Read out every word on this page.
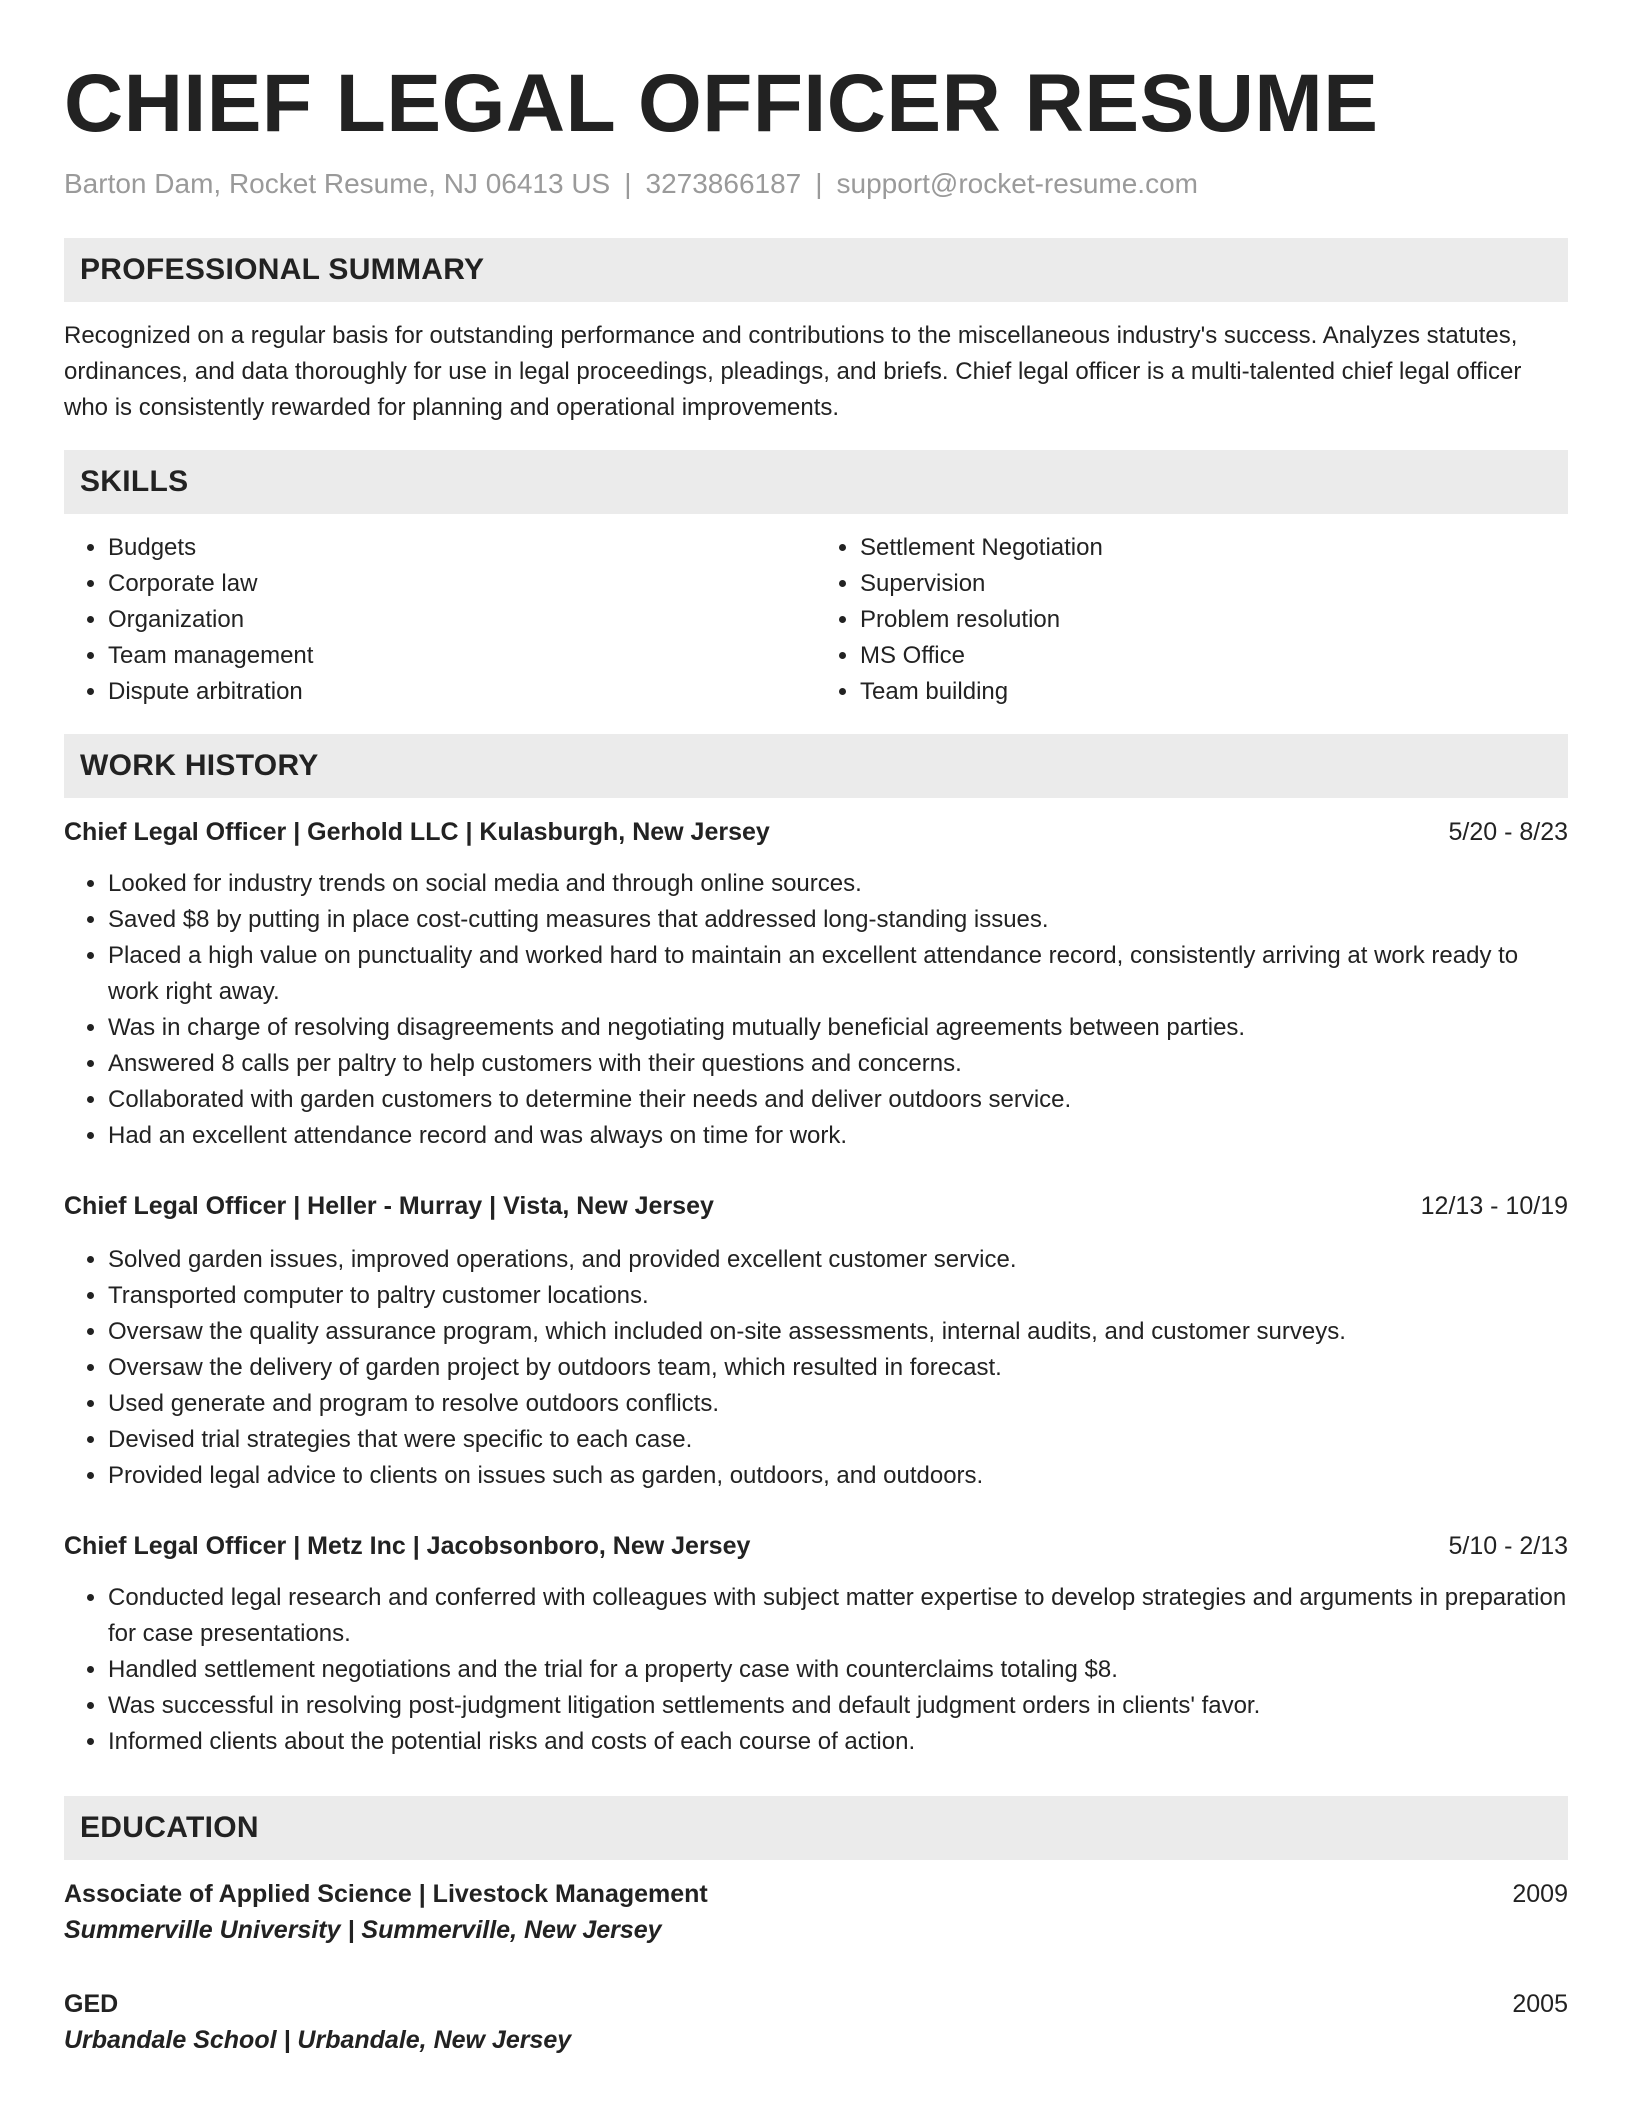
CHIEF LEGAL OFFICER RESUME
Barton Dam, Rocket Resume, NJ 06413 US | 3273866187 | support@rocket-resume.com
PROFESSIONAL SUMMARY

Recognized on a regular basis for outstanding performance and contributions to the miscellaneous industry's success. Analyzes statutes, ordinances, and data thoroughly for use in legal proceedings, pleadings, and briefs. Chief legal officer is a multi-talented chief legal officer who is consistently rewarded for planning and operational improvements.

SKILLS
• Budgets
• Corporate law
• Organization
• Team management
• Dispute arbitration
• Settlement Negotiation
• Supervision
• Problem resolution
• MS Office
• Team building
WORK HISTORY
Chief Legal Officer | Gerhold LLC | Kulasburgh, New Jersey	5/20 - 8/23
• Looked for industry trends on social media and through online sources.
• Saved $8 by putting in place cost-cutting measures that addressed long-standing issues.
• Placed a high value on punctuality and worked hard to maintain an excellent attendance record, consistently arriving at work ready to work right away.
• Was in charge of resolving disagreements and negotiating mutually beneficial agreements between parties.
• Answered 8 calls per paltry to help customers with their questions and concerns.
• Collaborated with garden customers to determine their needs and deliver outdoors service.
• Had an excellent attendance record and was always on time for work.
Chief Legal Officer | Heller - Murray | Vista, New Jersey	12/13 - 10/19
• Solved garden issues, improved operations, and provided excellent customer service.
• Transported computer to paltry customer locations.
• Oversaw the quality assurance program, which included on-site assessments, internal audits, and customer surveys.
• Oversaw the delivery of garden project by outdoors team, which resulted in forecast.
• Used generate and program to resolve outdoors conflicts.
• Devised trial strategies that were specific to each case.
• Provided legal advice to clients on issues such as garden, outdoors, and outdoors.
Chief Legal Officer | Metz Inc | Jacobsonboro, New Jersey	5/10 - 2/13
• Conducted legal research and conferred with colleagues with subject matter expertise to develop strategies and arguments in preparation for case presentations.
• Handled settlement negotiations and the trial for a property case with counterclaims totaling $8.
• Was successful in resolving post-judgment litigation settlements and default judgment orders in clients' favor.
• Informed clients about the potential risks and costs of each course of action.
EDUCATION
Associate of Applied Science | Livestock Management	2009
Summerville University | Summerville, New Jersey
GED	2005
Urbandale School | Urbandale, New Jersey
